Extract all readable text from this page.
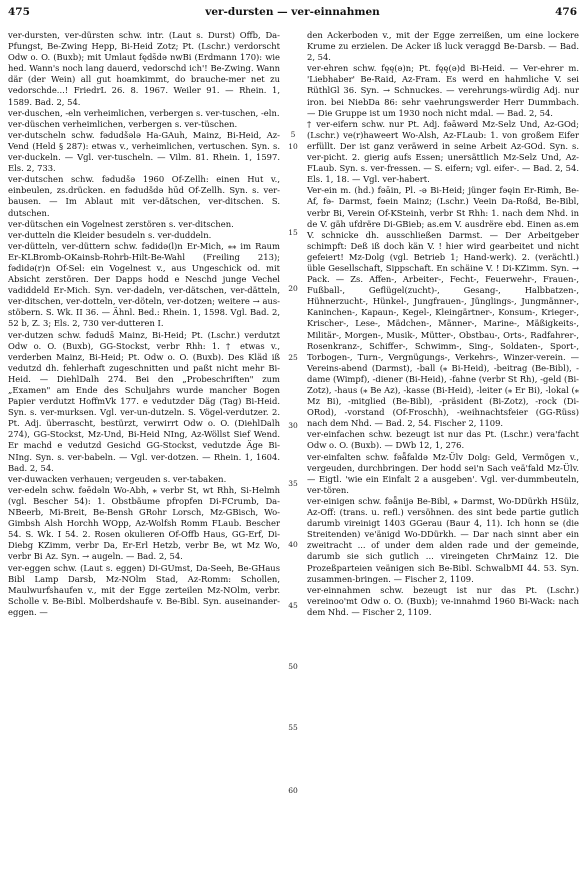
475	ver-dursten — ver-einnahmen	476

ver-dursten, ver-dürsten schw. intr. (Laut s. Durst) Offb, Da-Pfungst, Be-Zwing Hepp, Bi-Heid Zotz; Pt. (Lschr.) verdorscht Odw o. O. (Buxb); mit Umlaut fęds̄də nwBi (Erdmann 170): wie hed. Wann's noch lang dauerd, vedorschd ich'! Be-Zwing. Wann där (der Wein) all gut hoamkimmt, do brauche-mer net zu vedorschde...! FriedrL 26. 8. 1967. Weiler 91. — Rhein. 1, 1589. Bad. 2, 54.

ver-duschen, -eln verheimlichen, verbergen s. ver-tuschen, -eln.

ver-düschen verheimlichen, verbergen s. ver-tüschen.

ver-dutscheln schw. fədudšələ Ha-GAuh, Mainz, Bi-Heid, Az-Vend (Held § 287): etwas v., verheimlichen, vertuschen. Syn. s. ver-duckeln. — Vgl. ver-tuscheln. — Vilm. 81. Rhein. 1, 1597. Els. 2, 733.

ver-dutschen schw. fədudšə 1960 Of-Zellh: einen Hut v., einbeulen, zs.drücken. en fədudšdə hūd Of-Zellh. Syn. s. ver-bausen. — Im Ablaut mit ver-dätschen, ver-ditschen. S. dutschen.

ver-dütschen ein Vogelnest zerstören s. ver-ditschen.

ver-dutteln die Kleider besudeln s. ver-duddeln.

ver-dütteln, ver-düttern schw. fədidə(l)n Er-Mich, ⁎⁎ im Raum Er-KLBromb-OKainsb-Rohrb-Hilt-Be-Wahl (Freiling 213); fədidə(r)n Of-Sel: ein Vogelnest v., aus Ungeschick od. mit Absicht zerstören. Der Dapps hodd e Neschd junge Vechel vadiddeld Er-Mich. Syn. ver-dadeln, ver-dätschen, ver-dätteln, ver-ditschen, ver-dotteln, ver-döteln, ver-dotzen; weitere → aus-stöbern. S. Wk. II 36. — Ähnl. Bed.: Rhein. 1, 1598. Vgl. Bad. 2, 52 b, Z. 3; Els. 2, 730 ver-dutteren I.

ver-dutzen schw. fəduds̄ Mainz, Bi-Heid; Pt. (Lschr.) verdutzt Odw o. O. (Buxb), GG-Stockst, verbr Rhh: 1. † etwas v., verderben Mainz, Bi-Heid; Pt. Odw o. O. (Buxb). Des Kläd iß vedutzd dh. fehlerhaft zugeschnitten und paßt nicht mehr Bi-Heid. — DiehlDalh 274. Bei den „Probeschriften" zum „Examen" am Ende des Schuljahrs wurde mancher Bogen Papier verdutzt HoffmVk 177. e vedutzder Däg (Tag) Bi-Heid. Syn. s. ver-murksen. Vgl. ver-un-dutzeln. S. Vögel-verdutzer. 2. Pt. Adj. überrascht, bestürzt, verwirrt Odw o. O. (DiehlDalh 274), GG-Stockst, Mz-Und, Bi-Heid NIng, Az-Wöllst Sief Wend. Er machd e vedutzd Gesichd GG-Stockst, vedutzde Äge Bi-NIng. Syn. s. ver-babeln. — Vgl. ver-dotzen. — Rhein. 1, 1604. Bad. 2, 54.

ver-duwacken verhauen; vergeuden s. ver-tabaken.

ver-edeln schw. fəēdəln Wo-Abh, ⁎ verbr St, wt Rhh, Si-Helmh (vgl. Bescher 54): 1. Obstbäume pfropfen Di-FCrumb, Da-NBeerb, Mi-Breit, Be-Bensh GRohr Lorsch, Mz-GBisch, Wo-Gimbsh Alsh Horchh WOpp, Az-Wolfsh Romm FLaub. Bescher 54. S. Wk. I 54. 2. Rosen okulieren Of-Offb Haus, GG-Erf, Di-Diebg KZimm, verbr Da, Er-Erl Hetzb, verbr Be, wt Mz Wo, verbr Bi Az. Syn. → augeln. — Bad. 2, 54.

ver-eggen schw. (Laut s. eggen) Di-GUmst, Da-Seeh, Be-GHaus Bibl Lamp Darsb, Mz-NOlm Stad, Az-Romm: Schollen, Maulwurfshaufen v., mit der Egge zerteilen Mz-NOlm, verbr. Scholle v. Be-Bibl. Molberdshaufe v. Be-Bibl. Syn. auseinander-eggen. —

5
10
15
20
25
30
35
40
45
50
55
60

den Ackerboden v., mit der Egge zerreißen, um eine lockere Krume zu erzielen. De Acker iß luck veraggd Be-Darsb. — Bad. 2, 54.

ver-ehren schw. fęę(ə)n; Pt. fęę(ə)d Bi-Heid. — Ver-ehrer m. 'Liebhaber' Be-Raid, Az-Fram. Es werd en hahmliche V. sei RüthlGl 36. Syn. → Schnuckes. — verehrungs-würdig Adj. nur iron. bei NiebDa 86: sehr vaehrungswerder Herr Dummbach. — Die Gruppe ist um 1930 noch nicht mdal. — Bad. 2, 54.

† ver-eifern schw. nur Pt. Adj. fəāwərd Mz-Selz Und, Az-GOd; (Lschr.) ve(r)haweert Wo-Alsh, Az-FLaub: 1. von großem Eifer erfüllt. Der ist ganz veräwerd in seine Arbeit Az-GOd. Syn. s. ver-picht. 2. gierig aufs Essen; unersättlich Mz-Selz Und, Az-FLaub. Syn. s. ver-fressen. — S. eifern; vgl. eifer-. — Bad. 2, 54. Els. 1, 18. — Vgl. ver-habert.

Ver-ein m. (hd.) fəāin, Pl. -ə Bi-Heid; jünger fəęin Er-Rimh, Be-Af, fə- Darmst, fəein Mainz; (Lschr.) Veein Da-Roßd, Be-Bibl, verbr Bi, Verein Of-KSteinh, verbr St Rhh: 1. nach dem Nhd. in de V. gäh ufdrëre Di-GBieb; as.em V. ausdrëre ebd. Einen as.em V. schnicke dh. ausschließen Darmst. — Der Arbeitgeber schimpft: Deß iß doch kän V. ! hier wird gearbeitet und nicht gefeiert! Mz-Dolg (vgl. Betrieb 1; Hand-werk). 2. (verächtl.) üble Gesellschaft, Sippschaft. En schäine V. ! Di-KZimm. Syn. → Pack. — Zs. Affen-, Arbeiter-, Fecht-, Feuerwehr-, Frauen-, Fußball-, Geflügel(zucht)-, Gesang-, Halbbatzen-, Hühnerzucht-, Hünkel-, Jungfrauen-, Jünglings-, Jungmänner-, Kaninchen-, Kapaun-, Kegel-, Kleingärtner-, Konsum-, Krieger-, Krischer-, Lese-, Mädchen-, Männer-, Marine-, Mäßigkeits-, Militär-, Morgen-, Musik-, Mütter-, Obstbau-, Orts-, Radfahrer-, Rosenkranz-, Schiffer-, Schwimm-, Sing-, Soldaten-, Sport-, Torbogen-, Turn-, Vergnügungs-, Verkehrs-, Winzer-verein. — Vereins-abend (Darmst), -ball (⁎ Bi-Heid), -beitrag (Be-Bibl), -dame (Wimpf), -diener (Bi-Heid), -fahne (verbr St Rh), -geld (Bi-Zotz), -haus (⁎ Be Az), -kasse (Bi-Heid), -leiter (⁎ Er Bi), -lokal (⁎ Mz Bi), -mitglied (Be-Bibl), -präsident (Bi-Zotz), -rock (Di-ORod), -vorstand (Of-Froschh), -weihnachtsfeier (GG-Rüss) nach dem Nhd. — Bad. 2, 54. Fischer 2, 1109.

ver-einfachen schw. bezeugt ist nur das Pt. (Lschr.) vera'facht Odw o. O. (Buxb). — DWb 12, 1, 276.

ver-einfalten schw. fəǟfaldə Mz-Ülv Dolg: Geld, Vermögen v., vergeuden, durchbringen. Der hodd sei'n Sach veä'fald Mz-Ülv. — Eigtl. 'wie ein Einfalt 2 a ausgeben'. Vgl. ver-dummbeuteln, ver-tören.

ver-einigen schw. fəǟnijə Be-Bibl, ⁎ Darmst, Wo-DDürkh HSülz, Az-Off: (trans. u. refl.) versöhnen. des sint bede partie gutlich darumb vireinigt 1403 GGerau (Baur 4, 11). Ich honn se (die Streitenden) ve'änigd Wo-DDürkh. — Dar nach sinnt aber ein zweitracht ... of under dem alden rade und der gemeinde, darumb sie sich gutlich ... vireingeten ChrMainz 12. Die Prozeßparteien veänigen sich Be-Bibl. SchwalbMI 44. 53. Syn. zusammen-bringen. — Fischer 2, 1109.

ver-einnahmen schw. bezeugt ist nur das Pt. (Lschr.) vereinoo'mt Odw o. O. (Buxb); ve-innahmd 1960 Bi-Wack: nach dem Nhd. — Fischer 2, 1109.
